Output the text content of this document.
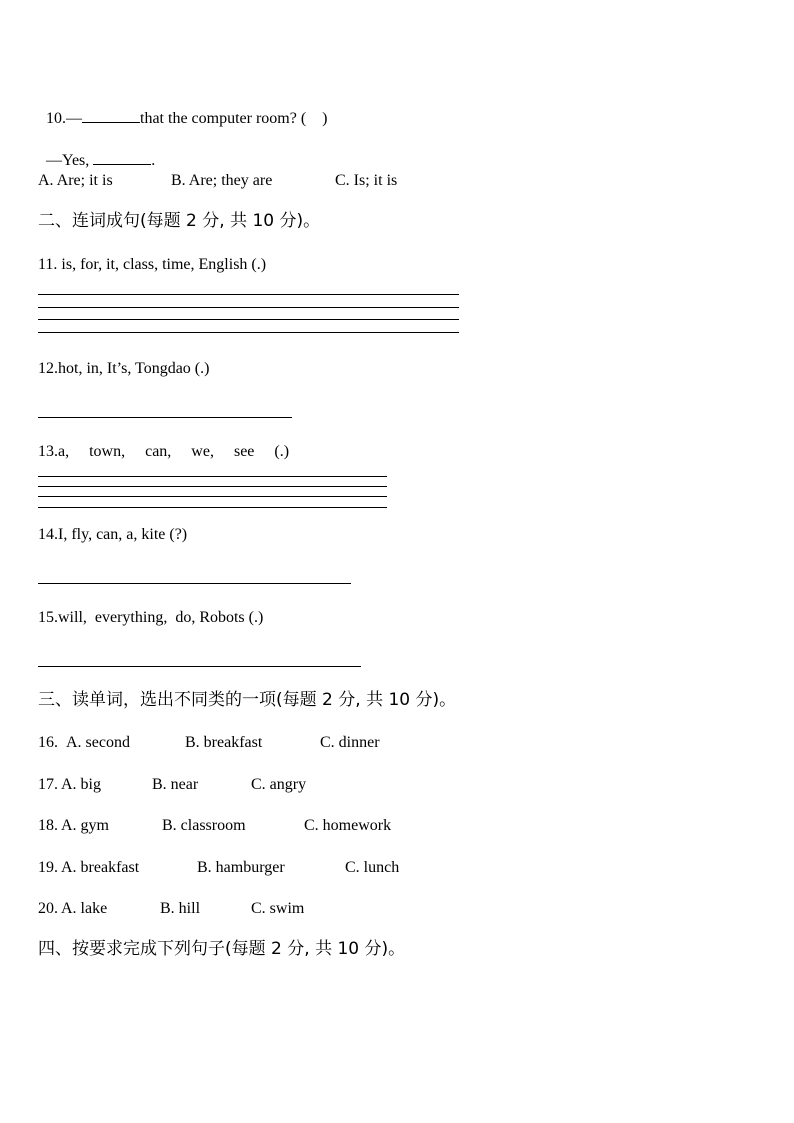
10.—	that the computer room? (    )

—Yes,	.

A. Are; it is	B. Are; they are	C. Is; it is
二、连词成句(每题 2 分, 共 10 分)。
11. is, for, it, class, time, English (.)
12.hot, in, It’s, Tongdao (.)
13.a,     town,     can,     we,     see     (.)
14.I, fly, can, a, kite (?)
15.will,  everything,  do, Robots (.)
三、读单词，选出不同类的一项(每题 2 分, 共 10 分)。
16. A. second	B. breakfast	C. dinner
17. A. big	B. near	C. angry
18. A. gym	B. classroom	C. homework
19. A. breakfast	B. hamburger	C. lunch
20. A. lake	B. hill	C. swim
四、按要求完成下列句子(每题 2 分, 共 10 分)。
